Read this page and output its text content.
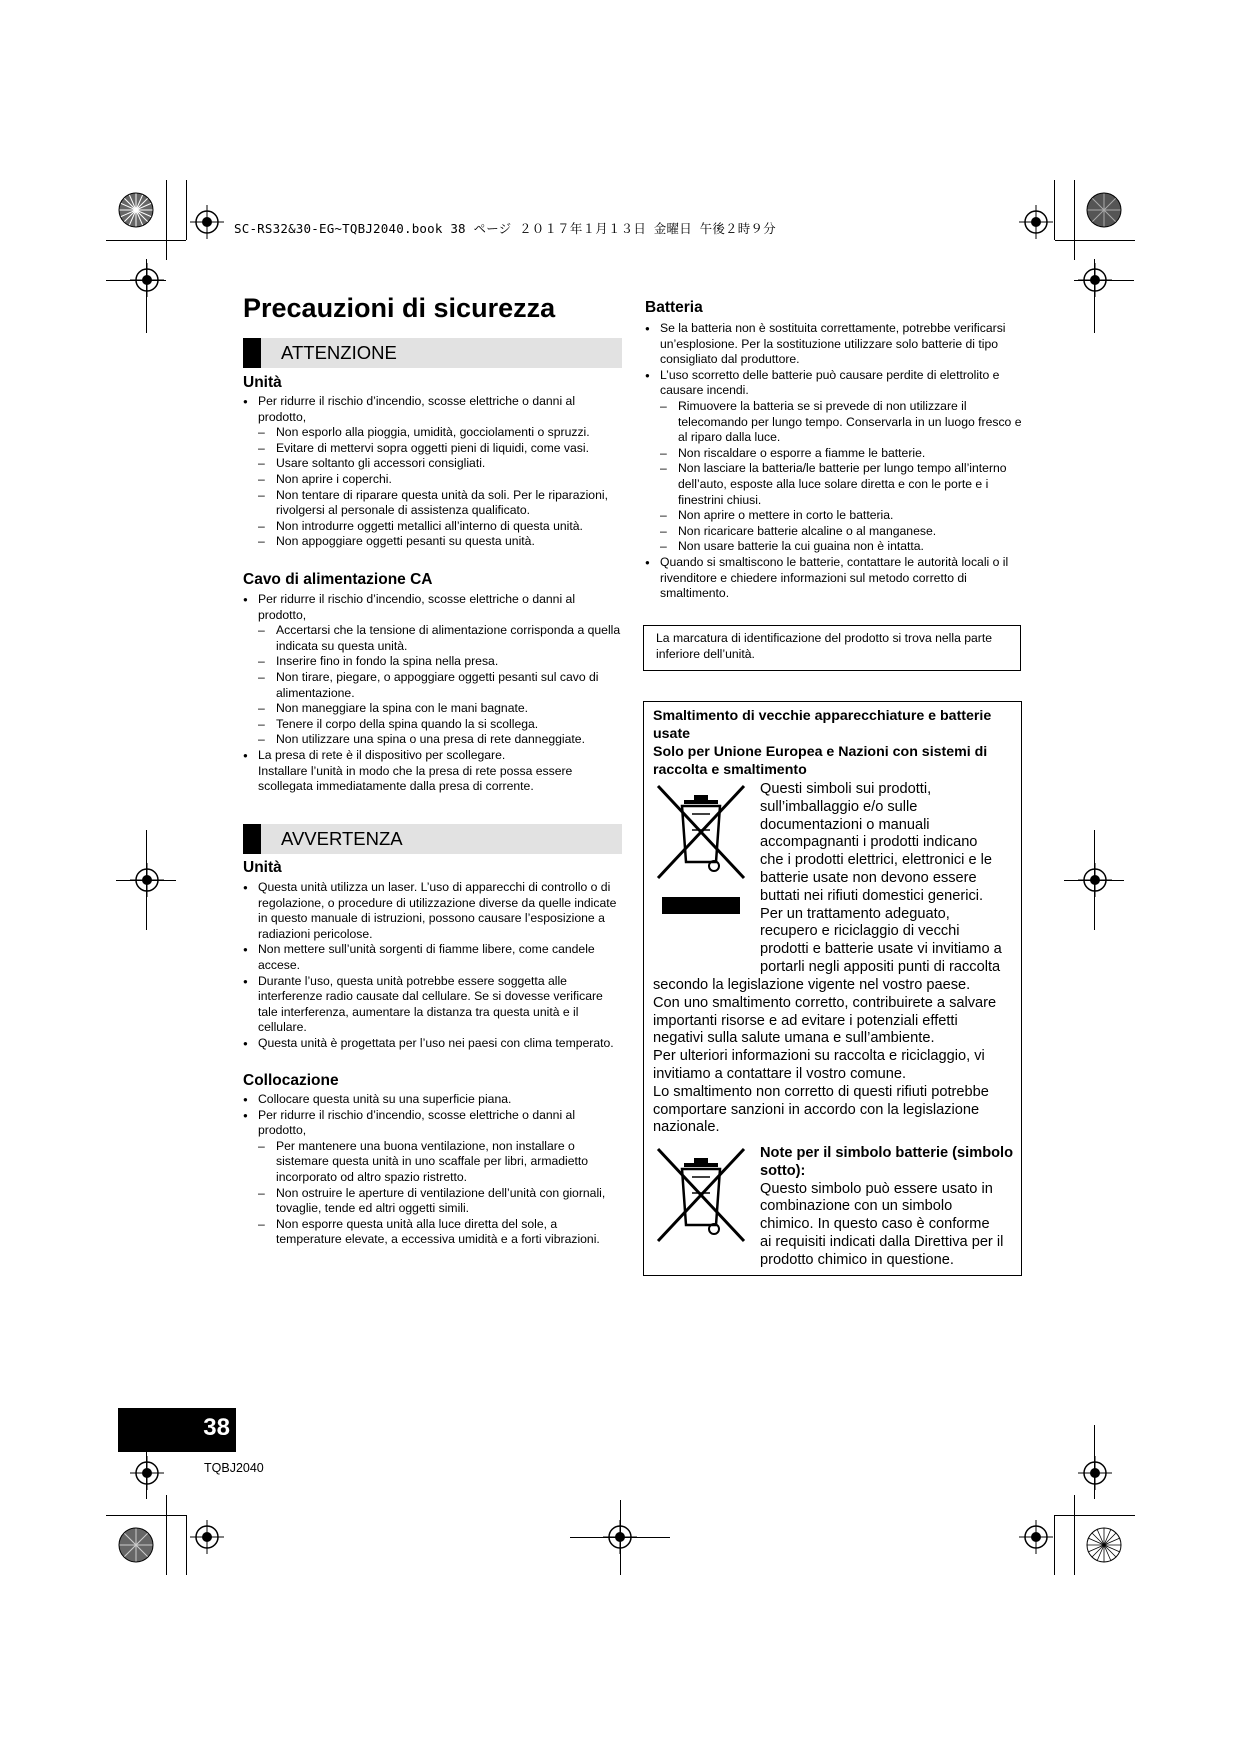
SC-RS32&30-EG~TQBJ2040.book 38 ページ ２０１７年１月１３日 金曜日 午後２時９分
Precauzioni di sicurezza
ATTENZIONE
Unità
● Per ridurre il rischio d’incendio, scosse elettriche o danni al prodotto,
– Non esporlo alla pioggia, umidità, gocciolamenti o spruzzi.
– Evitare di mettervi sopra oggetti pieni di liquidi, come vasi.
– Usare soltanto gli accessori consigliati.
– Non aprire i coperchi.
– Non tentare di riparare questa unità da soli. Per le riparazioni, rivolgersi al personale di assistenza qualificato.
– Non introdurre oggetti metallici all’interno di questa unità.
– Non appoggiare oggetti pesanti su questa unità.
Cavo di alimentazione CA
● Per ridurre il rischio d’incendio, scosse elettriche o danni al prodotto,
– Accertarsi che la tensione di alimentazione corrisponda a quella indicata su questa unità.
– Inserire fino in fondo la spina nella presa.
– Non tirare, piegare, o appoggiare oggetti pesanti sul cavo di alimentazione.
– Non maneggiare la spina con le mani bagnate.
– Tenere il corpo della spina quando la si scollega.
– Non utilizzare una spina o una presa di rete danneggiate.
● La presa di rete è il dispositivo per scollegare.
Installare l’unità in modo che la presa di rete possa essere scollegata immediatamente dalla presa di corrente.
AVVERTENZA
Unità
● Questa unità utilizza un laser. L’uso di apparecchi di controllo o di regolazione, o procedure di utilizzazione diverse da quelle indicate in questo manuale di istruzioni, possono causare l’esposizione a radiazioni pericolose.
● Non mettere sull’unità sorgenti di fiamme libere, come candele accese.
● Durante l’uso, questa unità potrebbe essere soggetta alle interferenze radio causate dal cellulare. Se si dovesse verificare tale interferenza, aumentare la distanza tra questa unità e il cellulare.
● Questa unità è progettata per l’uso nei paesi con clima temperato.
Collocazione
● Collocare questa unità su una superficie piana.
● Per ridurre il rischio d’incendio, scosse elettriche o danni al prodotto,
– Per mantenere una buona ventilazione, non installare o sistemare questa unità in uno scaffale per libri, armadietto incorporato od altro spazio ristretto.
– Non ostruire le aperture di ventilazione dell’unità con giornali, tovaglie, tende ed altri oggetti simili.
– Non esporre questa unità alla luce diretta del sole, a temperature elevate, a eccessiva umidità e a forti vibrazioni.
Batteria
● Se la batteria non è sostituita correttamente, potrebbe verificarsi un’esplosione. Per la sostituzione utilizzare solo batterie di tipo consigliato dal produttore.
● L’uso scorretto delle batterie può causare perdite di elettrolito e causare incendi.
– Rimuovere la batteria se si prevede di non utilizzare il telecomando per lungo tempo. Conservarla in un luogo fresco e al riparo dalla luce.
– Non riscaldare o esporre a fiamme le batterie.
– Non lasciare la batteria/le batterie per lungo tempo all’interno dell’auto, esposte alla luce solare diretta e con le porte e i finestrini chiusi.
– Non aprire o mettere in corto le batteria.
– Non ricaricare batterie alcaline o al manganese.
– Non usare batterie la cui guaina non è intatta.
● Quando si smaltiscono le batterie, contattare le autorità locali o il rivenditore e chiedere informazioni sul metodo corretto di smaltimento.
La marcatura di identificazione del prodotto si trova nella parte inferiore dell’unità.
Smaltimento di vecchie apparecchiature e batterie usate
Solo per Unione Europea e Nazioni con sistemi di raccolta e smaltimento
Questi simboli sui prodotti,
sull’imballaggio e/o sulle
documentazioni o manuali
accompagnanti i prodotti indicano
che i prodotti elettrici, elettronici e le
batterie usate non devono essere
buttati nei rifiuti domestici generici.
Per un trattamento adeguato,
recupero e riciclaggio di vecchi
prodotti e batterie usate vi invitiamo a
portarli negli appositi punti di raccolta
secondo la legislazione vigente nel vostro paese.
Con uno smaltimento corretto, contribuirete a salvare
importanti risorse e ad evitare i potenziali effetti
negativi sulla salute umana e sull’ambiente.
Per ulteriori informazioni su raccolta e riciclaggio, vi
invitiamo a contattare il vostro comune.
Lo smaltimento non corretto di questi rifiuti potrebbe
comportare sanzioni in accordo con la legislazione
nazionale.
Note per il simbolo batterie (simbolo sotto):
Questo simbolo può essere usato in
combinazione con un simbolo
chimico. In questo caso è conforme
ai requisiti indicati dalla Direttiva per il
prodotto chimico in questione.
38
TQBJ2040
